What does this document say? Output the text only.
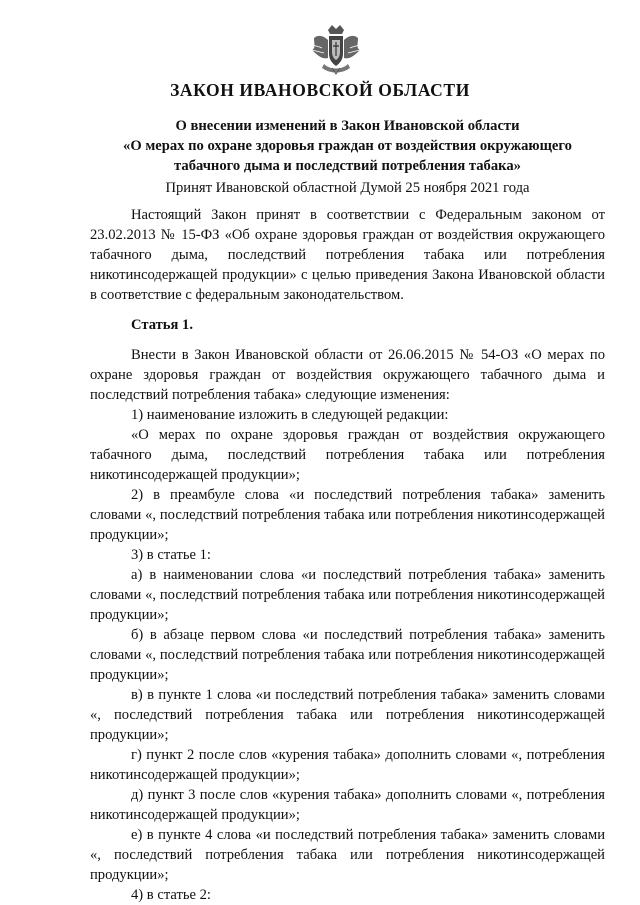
ЗАКОН ИВАНОВСКОЙ ОБЛАСТИ
О внесении изменений в Закон Ивановской области
«О мерах по охране здоровья граждан от воздействия окружающего
табачного дыма и последствий потребления табака»
Принят Ивановской областной Думой 25 ноября 2021 года

Настоящий Закон принят в соответствии с Федеральным законом от 23.02.2013 № 15-ФЗ «Об охране здоровья граждан от воздействия окружающего табачного дыма, последствий потребления табака или потребления никотинсодержащей продукции» с целью приведения Закона Ивановской области в соответствие с федеральным законодательством.

Статья 1.

Внести в Закон Ивановской области от 26.06.2015 № 54-ОЗ «О мерах по охране здоровья граждан от воздействия окружающего табачного дыма и последствий потребления табака» следующие изменения:

1) наименование изложить в следующей редакции:

«О мерах по охране здоровья граждан от воздействия окружающего табачного дыма, последствий потребления табака или потребления никотинсодержащей продукции»;

2) в преамбуле слова «и последствий потребления табака» заменить словами «, последствий потребления табака или потребления никотинсодержащей продукции»;

3) в статье 1:

а) в наименовании слова «и последствий потребления табака» заменить словами «, последствий потребления табака или потребления никотинсодержащей продукции»;

б) в абзаце первом слова «и последствий потребления табака» заменить словами «, последствий потребления табака или потребления никотинсодержащей продукции»;

в) в пункте 1 слова «и последствий потребления табака» заменить словами «, последствий потребления табака или потребления никотинсодержащей продукции»;

г) пункт 2 после слов «курения табака» дополнить словами «, потребления никотинсодержащей продукции»;

д) пункт 3 после слов «курения табака» дополнить словами «, потребления никотинсодержащей продукции»;

е) в пункте 4 слова «и последствий потребления табака» заменить словами «, последствий потребления табака или потребления никотинсодержащей продукции»;

4) в статье 2:
